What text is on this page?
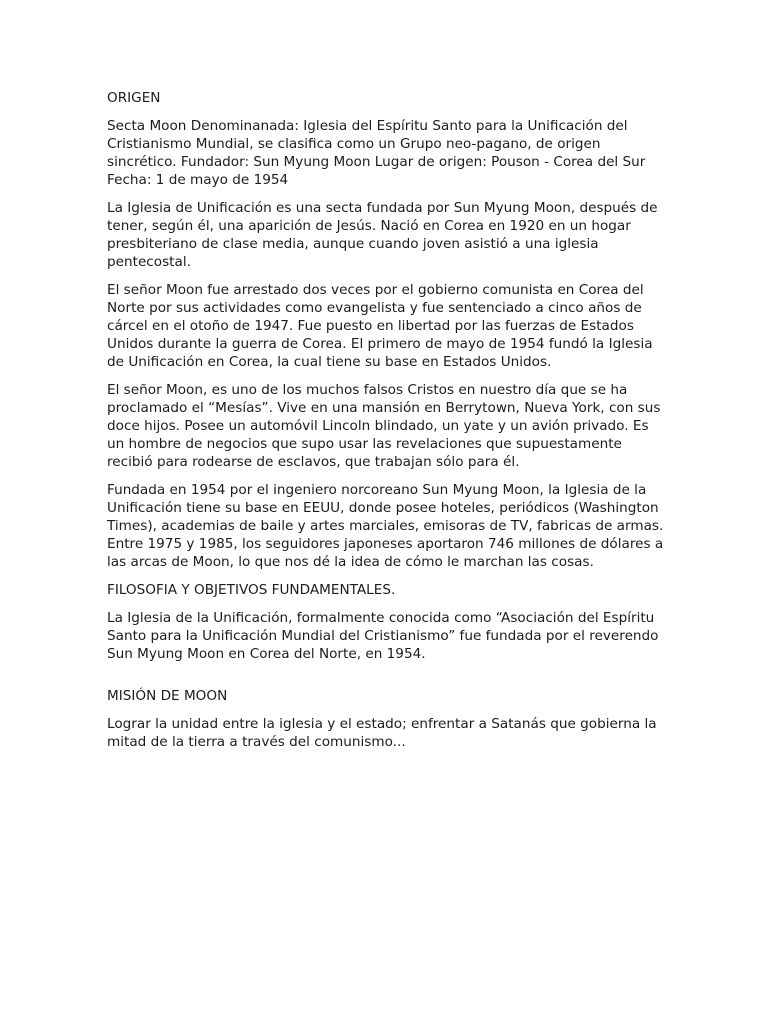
ORIGEN

Secta Moon Denominanada: Iglesia del Espíritu Santo para la Unificación del Cristianismo Mundial, se clasifica como un Grupo neo-pagano, de origen sincrético. Fundador: Sun Myung Moon Lugar de origen: Pouson - Corea del Sur Fecha: 1 de mayo de 1954

La Iglesia de Unificación es una secta fundada por Sun Myung Moon, después de tener, según él, una aparición de Jesús. Nació en Corea en 1920 en un hogar presbiteriano de clase media, aunque cuando joven asistió a una iglesia pentecostal.

El señor Moon fue arrestado dos veces por el gobierno comunista en Corea del Norte por sus actividades como evangelista y fue sentenciado a cinco años de cárcel en el otoño de 1947. Fue puesto en libertad por las fuerzas de Estados Unidos durante la guerra de Corea. El primero de mayo de 1954 fundó la Iglesia de Unificación en Corea, la cual tiene su base en Estados Unidos.

El señor Moon, es uno de los muchos falsos Cristos en nuestro día que se ha proclamado el “Mesías”. Vive en una mansión en Berrytown, Nueva York, con sus doce hijos. Posee un automóvil Lincoln blindado, un yate y un avión privado. Es un hombre de negocios que supo usar las revelaciones que supuestamente recibió para rodearse de esclavos, que trabajan sólo para él.

Fundada en 1954 por el ingeniero norcoreano Sun Myung Moon, la Iglesia de la Unificación tiene su base en EEUU, donde posee hoteles, periódicos (Washington Times), academias de baile y artes marciales, emisoras de TV, fabricas de armas. Entre 1975 y 1985, los seguidores japoneses aportaron 746 millones de dólares a las arcas de Moon, lo que nos dé la idea de cómo le marchan las cosas.

FILOSOFIA Y OBJETIVOS FUNDAMENTALES.

La Iglesia de la Unificación, formalmente conocida como “Asociación del Espíritu Santo para la Unificación Mundial del Cristianismo” fue fundada por el reverendo Sun Myung Moon en Corea del Norte, en 1954.

MISIÓN DE MOON

Lograr la unidad entre la iglesia y el estado; enfrentar a Satanás que gobierna la mitad de la tierra a través del comunismo...
